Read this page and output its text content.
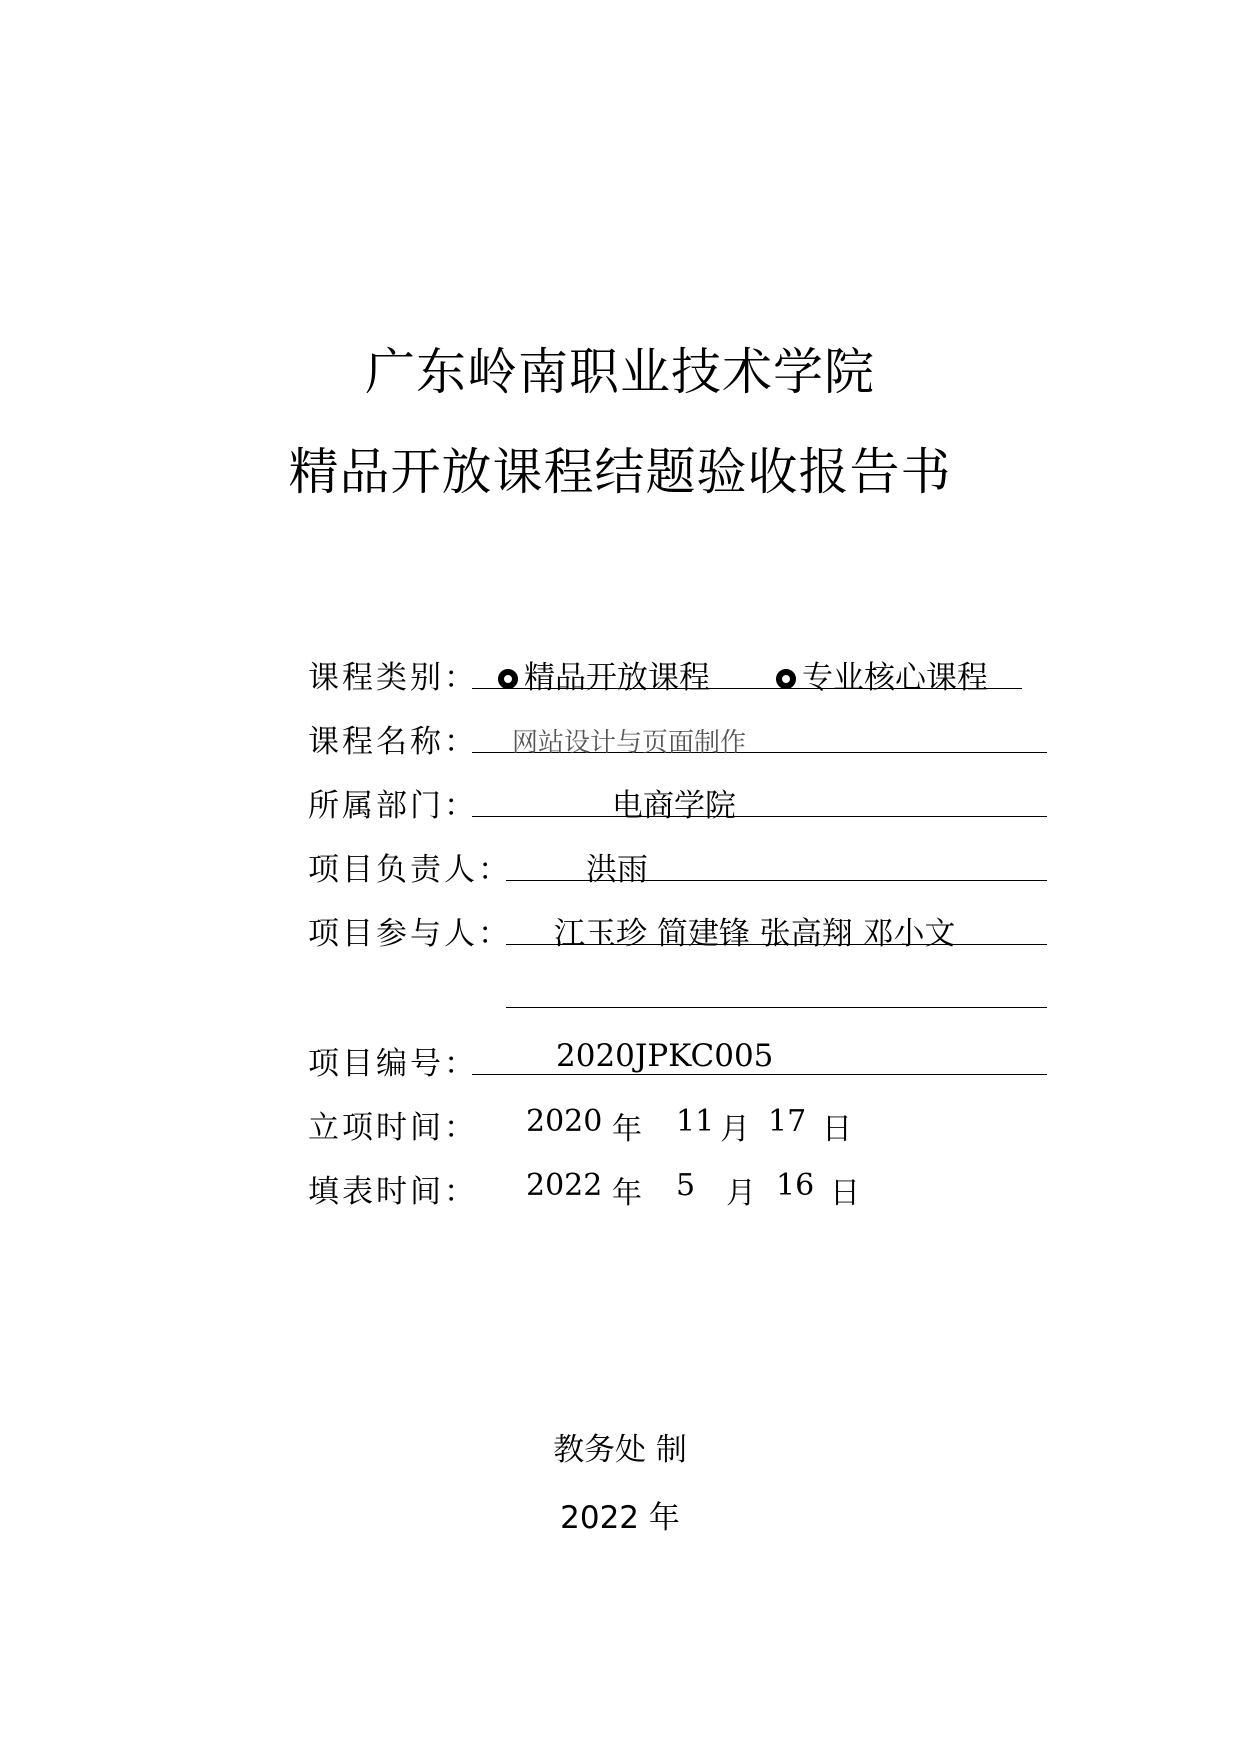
广东岭南职业技术学院
精品开放课程结题验收报告书
课程类别：	精品开放课程	专业核心课程
课程名称： 网站设计与页面制作
所属部门：	电商学院
项目负责人： 洪雨
项目参与人： 江玉珍 简建锋 张高翔 邓小文
项目编号：	2020JPKC005
立项时间： 2020 年 11 月 17 日
填表时间： 2022 年 5 月 16 日
教务处 制
2022 年
